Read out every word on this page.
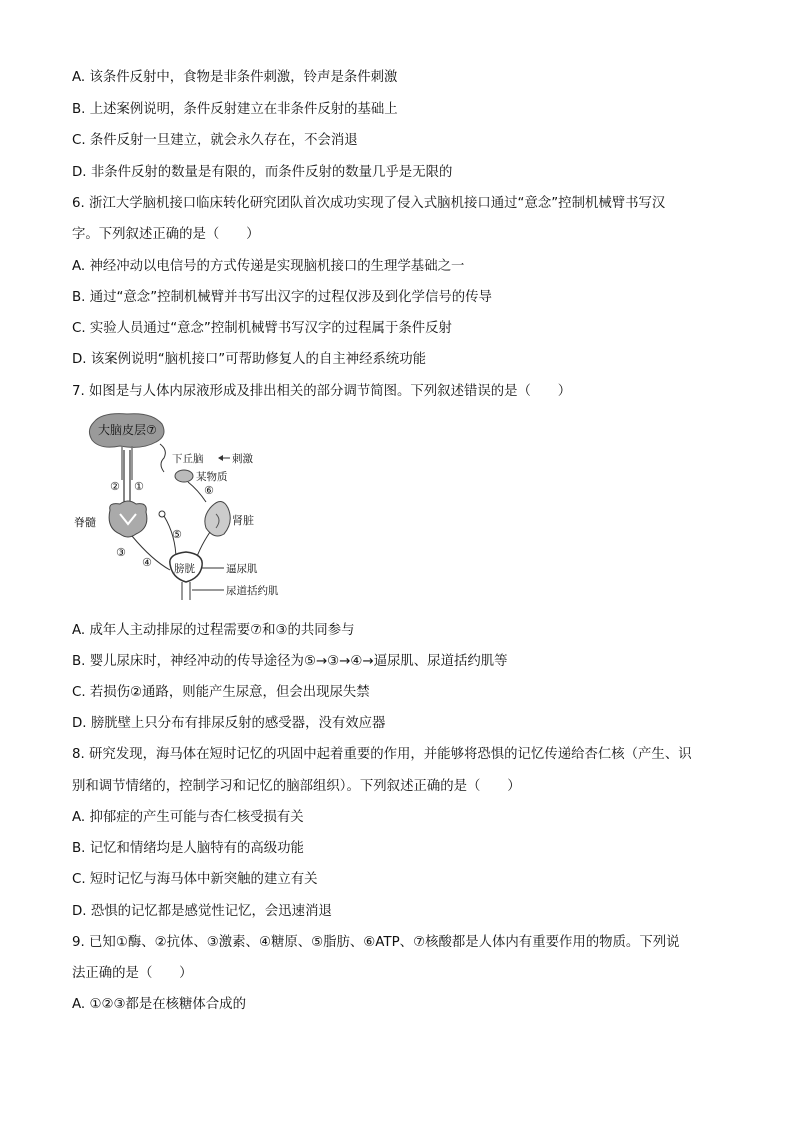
A. 该条件反射中，食物是非条件刺激，铃声是条件刺激
B. 上述案例说明，条件反射建立在非条件反射的基础上
C. 条件反射一旦建立，就会永久存在，不会消退
D. 非条件反射的数量是有限的，而条件反射的数量几乎是无限的
6. 浙江大学脑机接口临床转化研究团队首次成功实现了侵入式脑机接口通过“意念”控制机械臂书写汉
字。下列叙述正确的是（　　）
A. 神经冲动以电信号的方式传递是实现脑机接口的生理学基础之一
B. 通过“意念”控制机械臂并书写出汉字的过程仅涉及到化学信号的传导
C. 实验人员通过“意念”控制机械臂书写汉字的过程属于条件反射
D. 该案例说明“脑机接口”可帮助修复人的自主神经系统功能
7. 如图是与人体内尿液形成及排出相关的部分调节简图。下列叙述错误的是（　　）
大脑皮层⑦
下丘脑	刺激
某物质
⑥
② ①
脊髓
③
肾脏
⑤
④ 膀胱	逼尿肌
尿道括约肌
A. 成年人主动排尿的过程需要⑦和③的共同参与
B. 婴儿尿床时，神经冲动的传导途径为⑤→③→④→逼尿肌、尿道括约肌等
C. 若损伤②通路，则能产生尿意，但会出现尿失禁
D. 膀胱壁上只分布有排尿反射的感受器，没有效应器
8. 研究发现，海马体在短时记忆的巩固中起着重要的作用，并能够将恐惧的记忆传递给杏仁核（产生、识
别和调节情绪的，控制学习和记忆的脑部组织）。下列叙述正确的是（　　）
A. 抑郁症的产生可能与杏仁核受损有关
B. 记忆和情绪均是人脑特有的高级功能
C. 短时记忆与海马体中新突触的建立有关
D. 恐惧的记忆都是感觉性记忆，会迅速消退
9. 已知①酶、②抗体、③激素、④糖原、⑤脂肪、⑥ATP、⑦核酸都是人体内有重要作用的物质。下列说
法正确的是（　　）
A. ①②③都是在核糖体合成的
